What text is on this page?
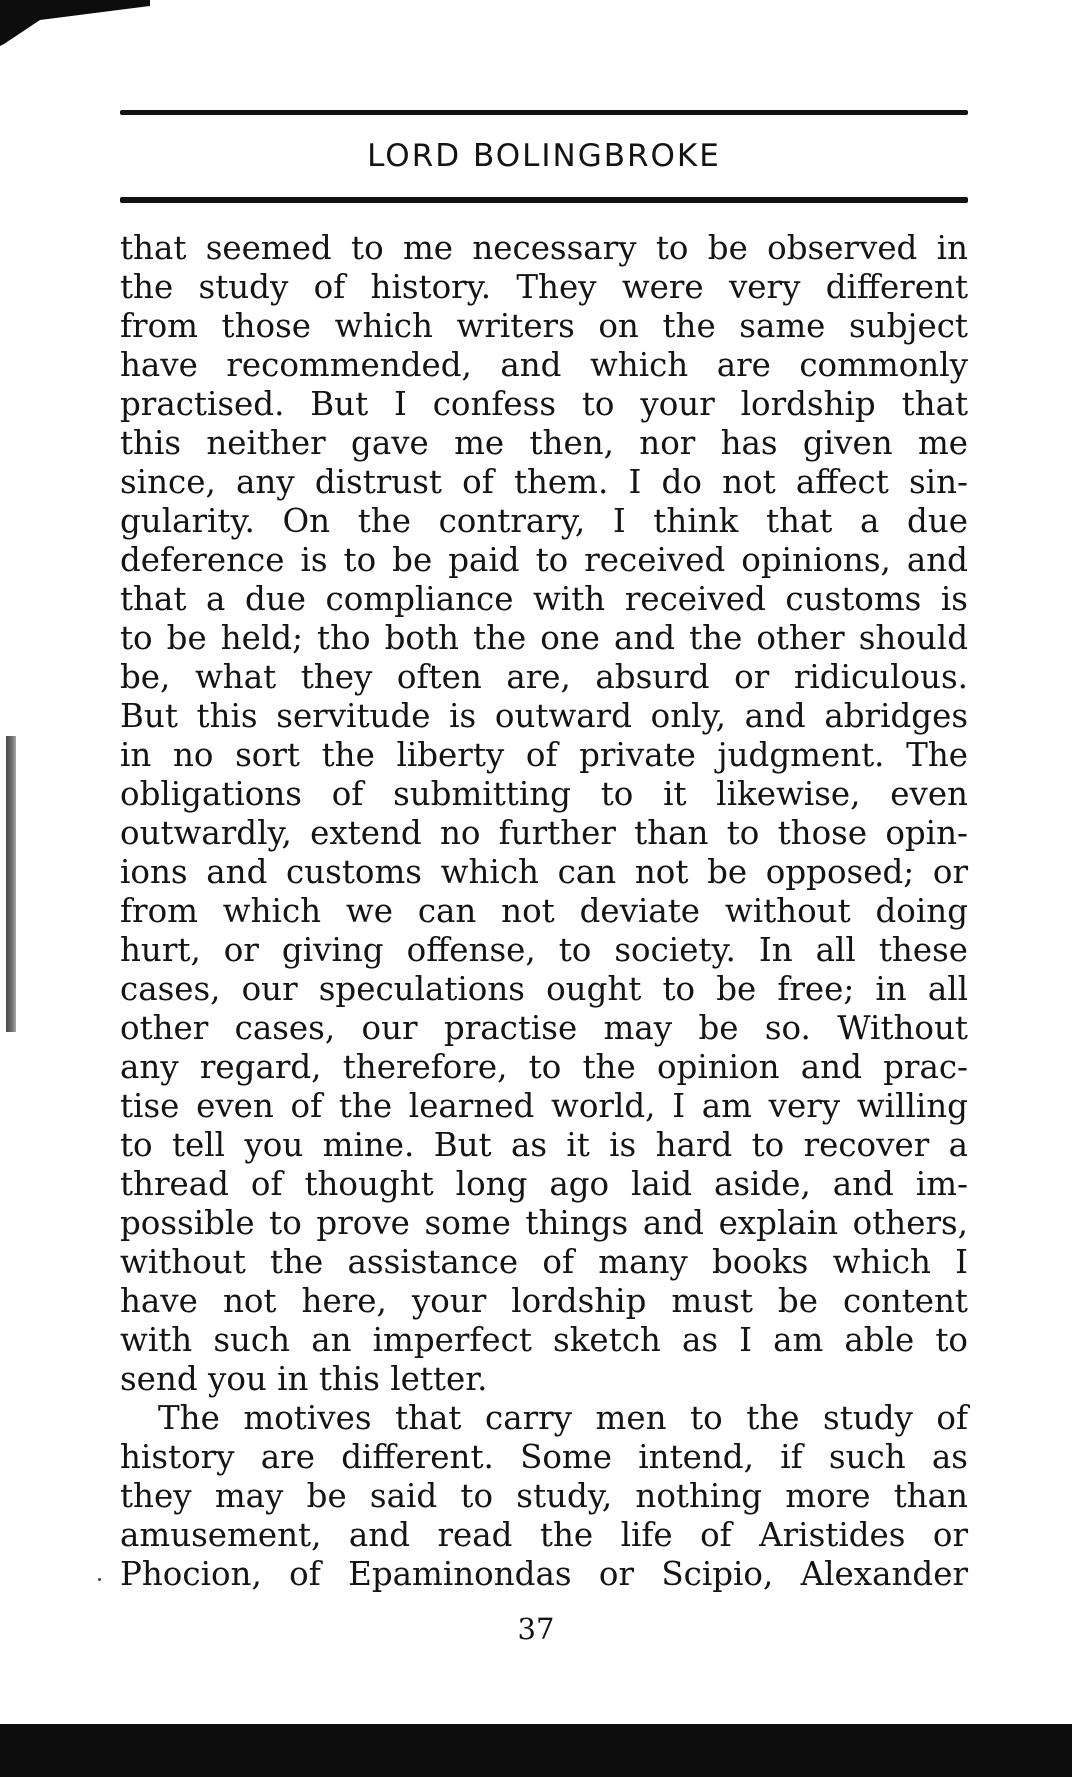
LORD BOLINGBROKE
that seemed to me necessary to be observed in
the study of history. They were very different
from those which writers on the same subject
have recommended, and which are commonly
practised. But I confess to your lordship that
this neither gave me then, nor has given me
since, any distrust of them. I do not affect sin-
gularity. On the contrary, I think that a due
deference is to be paid to received opinions, and
that a due compliance with received customs is
to be held; tho both the one and the other should
be, what they often are, absurd or ridiculous.
But this servitude is outward only, and abridges
in no sort the liberty of private judgment. The
obligations of submitting to it likewise, even
outwardly, extend no further than to those opin-
ions and customs which can not be opposed; or
from which we can not deviate without doing
hurt, or giving offense, to society. In all these
cases, our speculations ought to be free; in all
other cases, our practise may be so. Without
any regard, therefore, to the opinion and prac-
tise even of the learned world, I am very willing
to tell you mine. But as it is hard to recover a
thread of thought long ago laid aside, and im-
possible to prove some things and explain others,
without the assistance of many books which I
have not here, your lordship must be content
with such an imperfect sketch as I am able to
send you in this letter.
The motives that carry men to the study of
history are different. Some intend, if such as
they may be said to study, nothing more than
amusement, and read the life of Aristides or
Phocion, of Epaminondas or Scipio, Alexander
37
